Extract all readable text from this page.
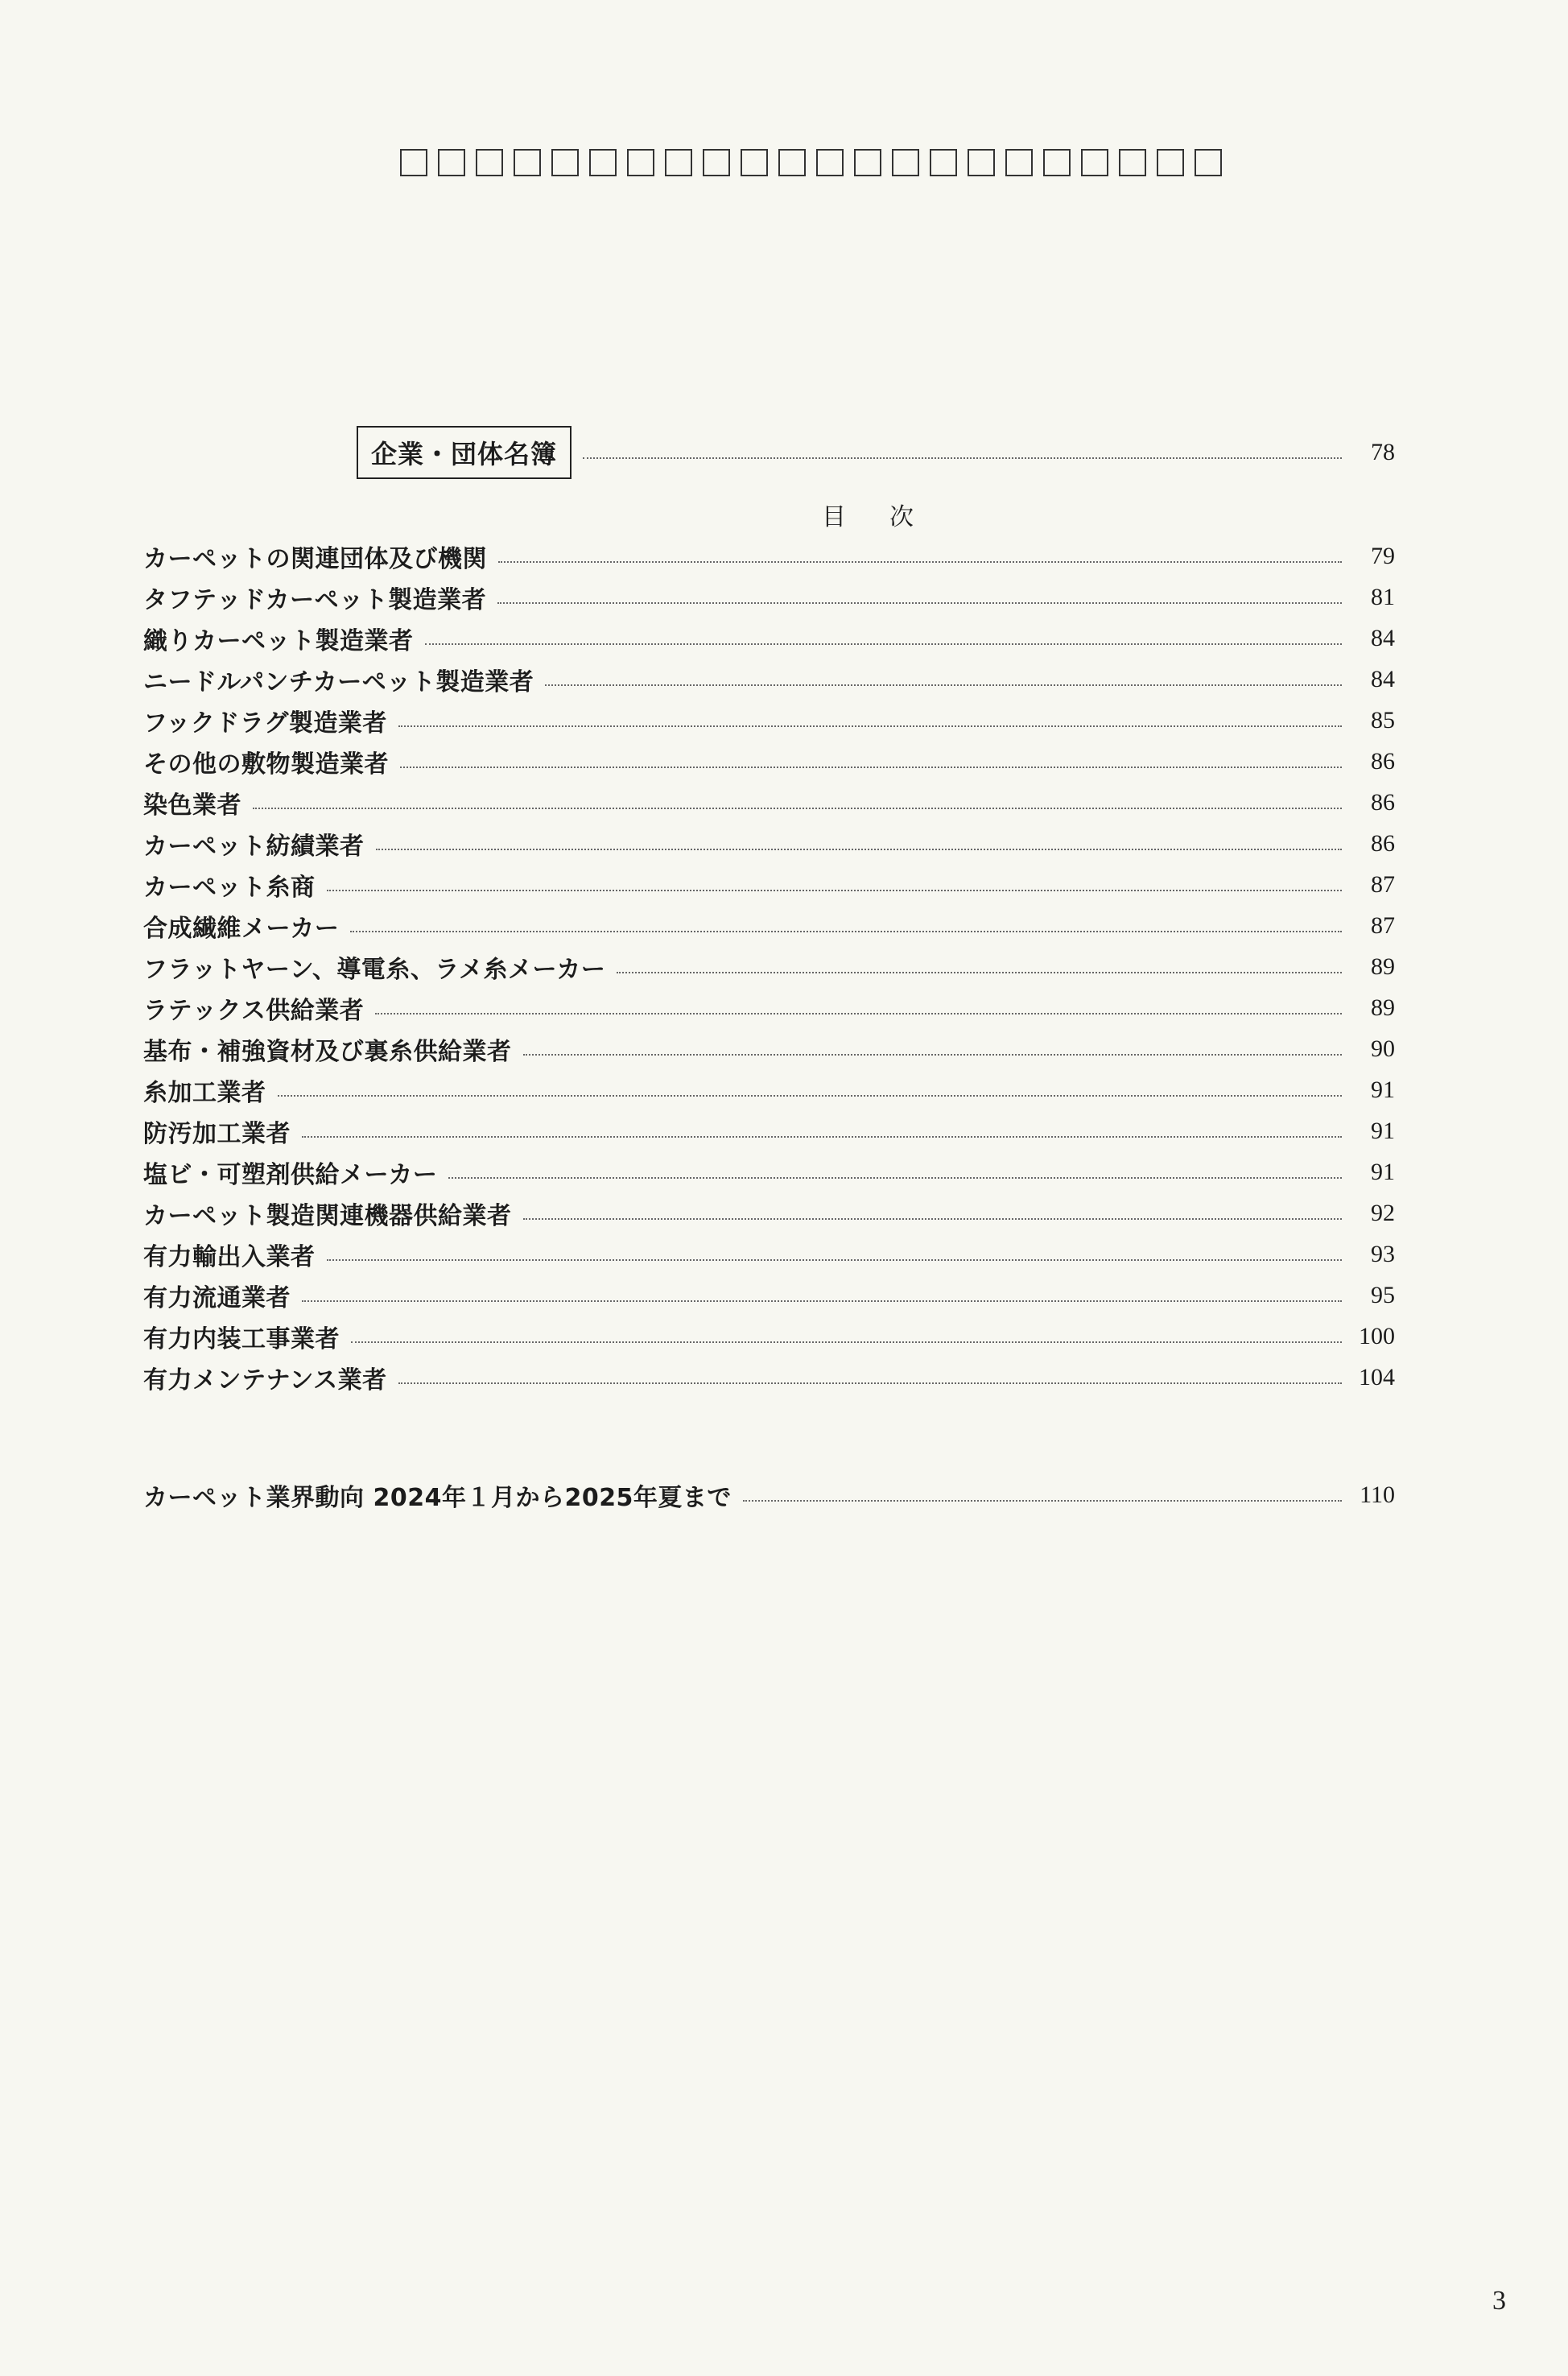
企業・団体名簿	78
目次
カーペットの関連団体及び機関	79
タフテッドカーペット製造業者	81
織りカーペット製造業者	84
ニードルパンチカーペット製造業者	84
フックドラグ製造業者	85
その他の敷物製造業者	86
染色業者	86
カーペット紡績業者	86
カーペット糸商	87
合成繊維メーカー	87
フラットヤーン、導電糸、ラメ糸メーカー	89
ラテックス供給業者	89
基布・補強資材及び裏糸供給業者	90
糸加工業者	91
防汚加工業者	91
塩ビ・可塑剤供給メーカー	91
カーペット製造関連機器供給業者	92
有力輸出入業者	93
有力流通業者	95
有力内装工事業者	100
有力メンテナンス業者	104
カーペット業界動向 2024年１月から2025年夏まで	110
3
